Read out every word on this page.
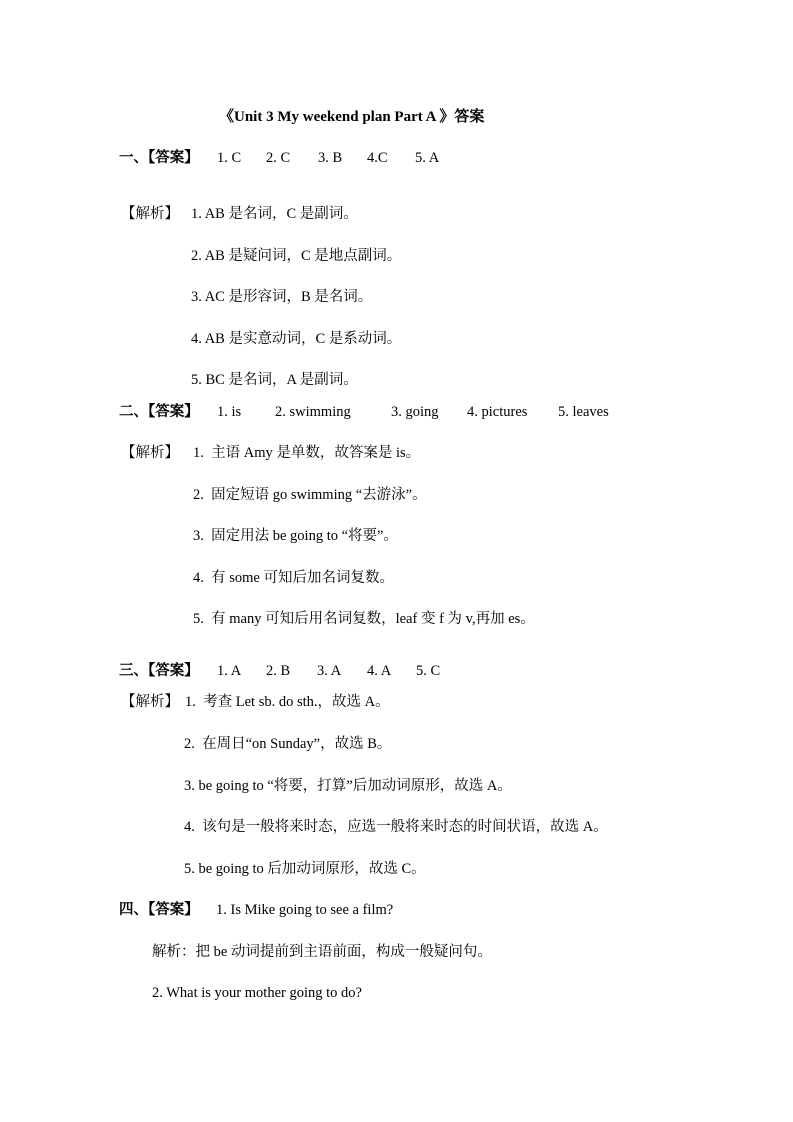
《Unit 3 My weekend plan Part A 》答案
一、【答案】 1. C 2. C 3. B 4.C 5. A
【解析】 1. AB 是名词，C 是副词。
2. AB 是疑问词，C 是地点副词。
3. AC 是形容词，B 是名词。
4. AB 是实意动词，C 是系动词。
5. BC 是名词，A 是副词。
二、【答案】 1. is 2. swimming	3. going 4. pictures 5. leaves
【解析】 1.  主语 Amy 是单数，故答案是 is。
2.  固定短语 go swimming “去游泳”。
3.  固定用法 be going to “将要”。
4.  有 some 可知后加名词复数。
5.  有 many 可知后用名词复数，leaf 变 f 为 v,再加 es。
三、【答案】 1. A 2. B 3. A 4. A 5. C
【解析】 1.  考查 Let sb. do sth.，故选 A。
2.  在周日“on Sunday”，故选 B。
3. be going to “将要，打算”后加动词原形，故选 A。
4.  该句是一般将来时态，应选一般将来时态的时间状语，故选 A。
5. be going to 后加动词原形，故选 C。
四、【答案】 1. Is Mike going to see a film?
解析：把 be 动词提前到主语前面，构成一般疑问句。
2. What is your mother going to do?
